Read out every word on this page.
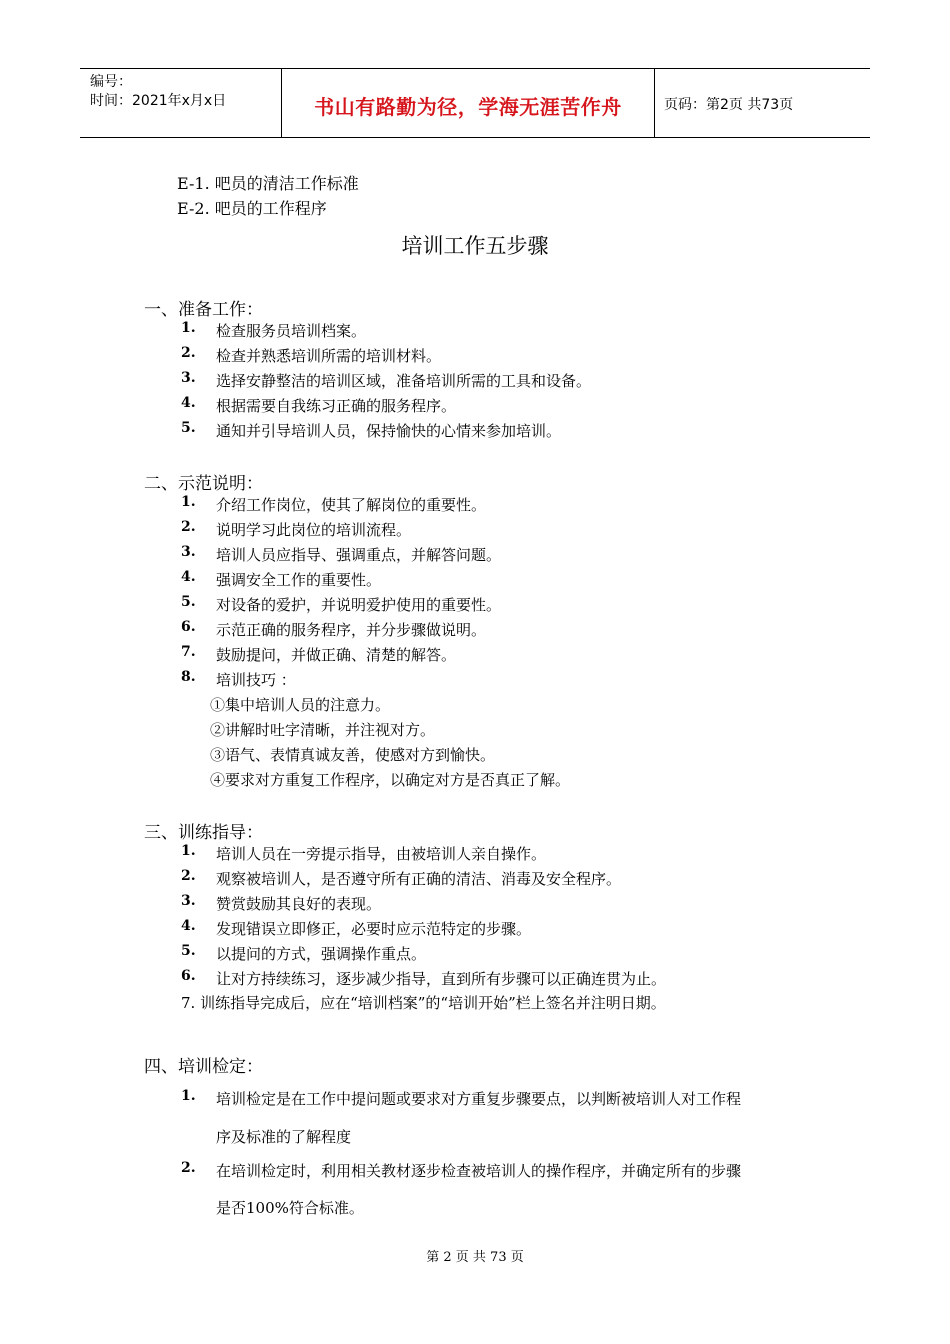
编号：
时间：2021年x月x日	书山有路勤为径，学海无涯苦作舟	页码：第2页 共73页
E-1. 吧员的清洁工作标准
E-2. 吧员的工作程序
培训工作五步骤
一、准备工作：
1. 检查服务员培训档案。
2. 检查并熟悉培训所需的培训材料。
3. 选择安静整洁的培训区域，准备培训所需的工具和设备。
4. 根据需要自我练习正确的服务程序。
5. 通知并引导培训人员，保持愉快的心情来参加培训。
二、示范说明：
1. 介绍工作岗位，使其了解岗位的重要性。
2. 说明学习此岗位的培训流程。
3. 培训人员应指导、强调重点，并解答问题。
4. 强调安全工作的重要性。
5. 对设备的爱护，并说明爱护使用的重要性。
6. 示范正确的服务程序，并分步骤做说明。
7. 鼓励提问，并做正确、清楚的解答。
8. 培训技巧 ：
①集中培训人员的注意力。
②讲解时吐字清晰，并注视对方。
③语气、表情真诚友善，使感对方到愉快。
④要求对方重复工作程序，以确定对方是否真正了解。
三、训练指导：
1. 培训人员在一旁提示指导，由被培训人亲自操作。
2. 观察被培训人，是否遵守所有正确的清洁、消毒及安全程序。
3. 赞赏鼓励其良好的表现。
4. 发现错误立即修正，必要时应示范特定的步骤。
5. 以提问的方式，强调操作重点。
6. 让对方持续练习，逐步减少指导，直到所有步骤可以正确连贯为止。
7. 训练指导完成后，应在“培训档案”的“培训开始”栏上签名并注明日期。
四、培训检定：
1. 培训检定是在工作中提问题或要求对方重复步骤要点，以判断被培训人对工作程
序及标准的了解程度
2. 在培训检定时，利用相关教材逐步检查被培训人的操作程序，并确定所有的步骤
是否100%符合标准。
第 2 页 共 73 页
